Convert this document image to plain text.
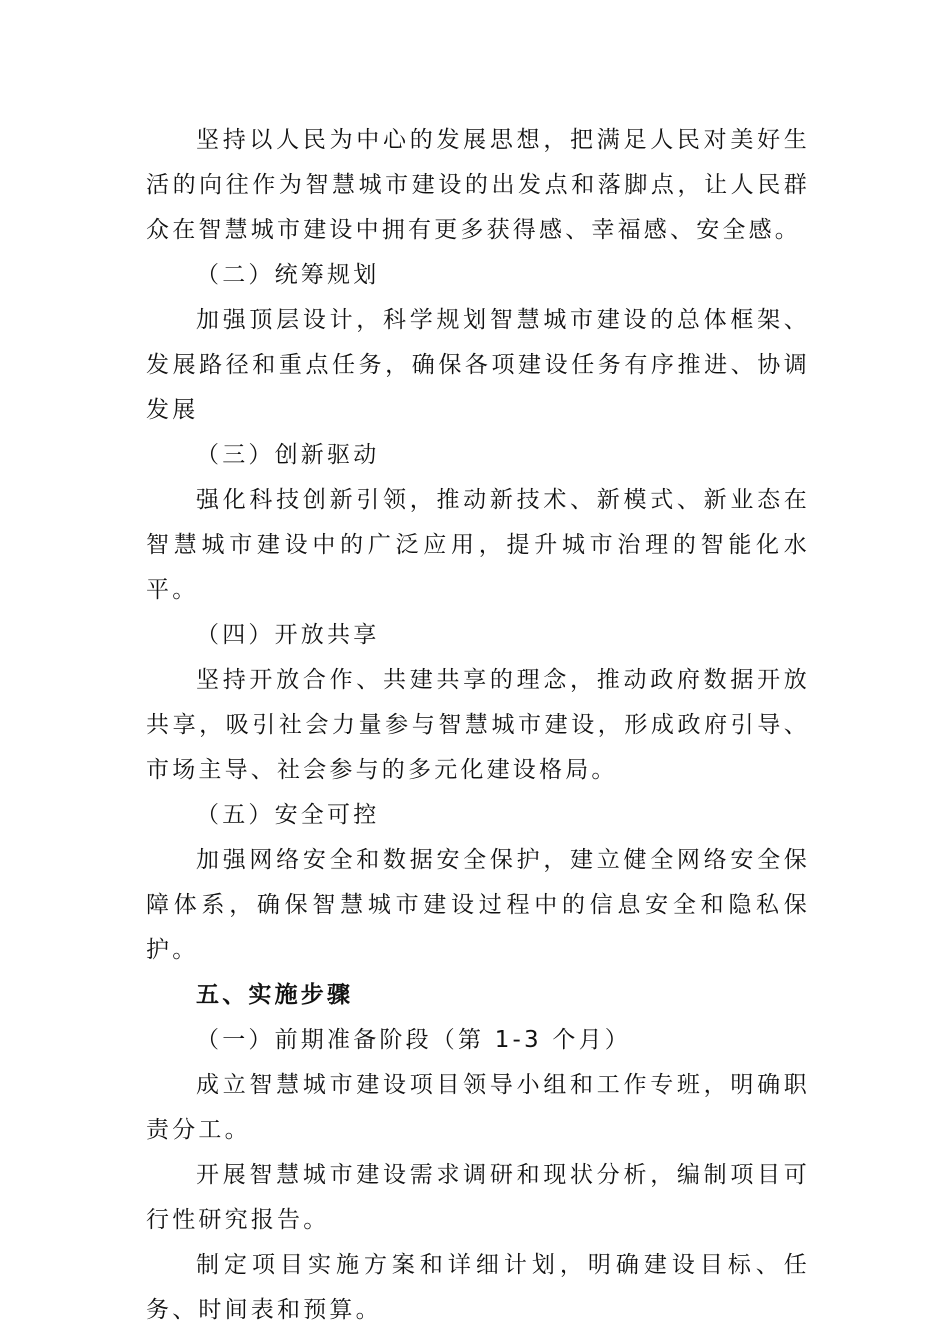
坚持以人民为中心的发展思想，把满足人民对美好生活的向往作为智慧城市建设的出发点和落脚点，让人民群众在智慧城市建设中拥有更多获得感、幸福感、安全感。

（二）统筹规划

加强顶层设计，科学规划智慧城市建设的总体框架、发展路径和重点任务，确保各项建设任务有序推进、协调发展

（三）创新驱动

强化科技创新引领，推动新技术、新模式、新业态在智慧城市建设中的广泛应用，提升城市治理的智能化水平。

（四）开放共享

坚持开放合作、共建共享的理念，推动政府数据开放共享，吸引社会力量参与智慧城市建设，形成政府引导、市场主导、社会参与的多元化建设格局。

（五）安全可控

加强网络安全和数据安全保护，建立健全网络安全保障体系，确保智慧城市建设过程中的信息安全和隐私保护。

五、实施步骤

（一）前期准备阶段（第 1-3 个月）

成立智慧城市建设项目领导小组和工作专班，明确职责分工。

开展智慧城市建设需求调研和现状分析，编制项目可行性研究报告。

制定项目实施方案和详细计划，明确建设目标、任务、时间表和预算。
